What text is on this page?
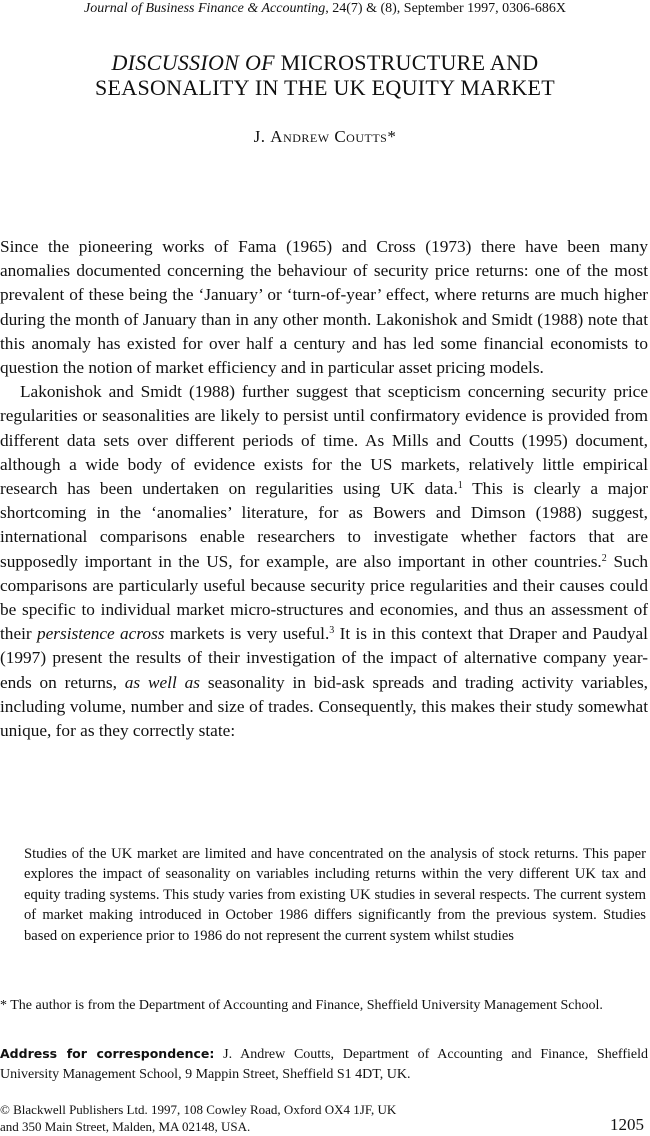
Journal of Business Finance & Accounting, 24(7) & (8), September 1997, 0306-686X
DISCUSSION OF MICROSTRUCTURE AND
SEASONALITY IN THE UK EQUITY MARKET
J. Andrew Coutts*

Since the pioneering works of Fama (1965) and Cross (1973) there have been many anomalies documented concerning the behaviour of security price returns: one of the most prevalent of these being the ‘January’ or ‘turn-of-year’ effect, where returns are much higher during the month of January than in any other month. Lakonishok and Smidt (1988) note that this anomaly has existed for over half a century and has led some financial economists to question the notion of market efficiency and in particular asset pricing models.

Lakonishok and Smidt (1988) further suggest that scepticism concerning security price regularities or seasonalities are likely to persist until confirmatory evidence is provided from different data sets over different periods of time. As Mills and Coutts (1995) document, although a wide body of evidence exists for the US markets, relatively little empirical research has been undertaken on regularities using UK data.$^1$ This is clearly a major shortcoming in the ‘anomalies’ literature, for as Bowers and Dimson (1988) suggest, international comparisons enable researchers to investigate whether factors that are supposedly important in the US, for example, are also important in other countries.$^2$ Such comparisons are particularly useful because security price regularities and their causes could be specific to individual market micro-structures and economies, and thus an assessment of their persistence across markets is very useful.$^3$ It is in this context that Draper and Paudyal (1997) present the results of their investigation of the impact of alternative company year-ends on returns, as well as seasonality in bid-ask spreads and trading activity variables, including volume, number and size of trades. Consequently, this makes their study somewhat unique, for as they correctly state:

Studies of the UK market are limited and have concentrated on the analysis of stock returns. This paper explores the impact of seasonality on variables including returns within the very different UK tax and equity trading systems. This study varies from existing UK studies in several respects. The current system of market making introduced in October 1986 differs significantly from the previous system. Studies based on experience prior to 1986 do not represent the current system whilst studies
* The author is from the Department of Accounting and Finance, Sheffield University Management School.
Address for correspondence: J. Andrew Coutts, Department of Accounting and Finance, Sheffield University Management School, 9 Mappin Street, Sheffield S1 4DT, UK.
© Blackwell Publishers Ltd. 1997, 108 Cowley Road, Oxford OX4 1JF, UK
and 350 Main Street, Malden, MA 02148, USA.	1205
